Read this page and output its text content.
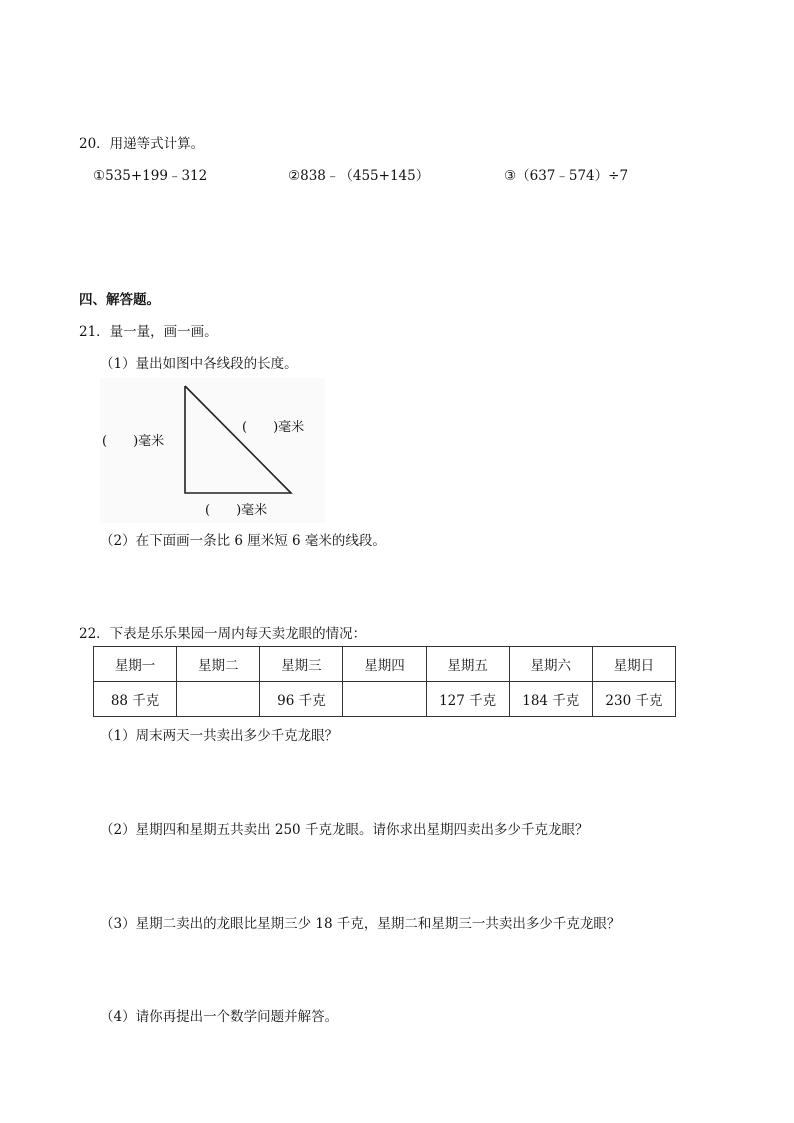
20．用递等式计算。
①535+199﹣312	②838﹣（455+145）	③（637﹣574）÷7
四、解答题。
21．量一量，画一画。
（1）量出如图中各线段的长度。
(　　)毫米
(　　)毫米
(　　)毫米
（2）在下面画一条比 6 厘米短 6 毫米的线段。
22．下表是乐乐果园一周内每天卖龙眼的情况：
星期一	星期二	星期三	星期四	星期五	星期六	星期日
88 千克		96 千克		127 千克	184 千克	230 千克
（1）周末两天一共卖出多少千克龙眼？
（2）星期四和星期五共卖出 250 千克龙眼。请你求出星期四卖出多少千克龙眼？
（3）星期二卖出的龙眼比星期三少 18 千克，星期二和星期三一共卖出多少千克龙眼？
（4）请你再提出一个数学问题并解答。
